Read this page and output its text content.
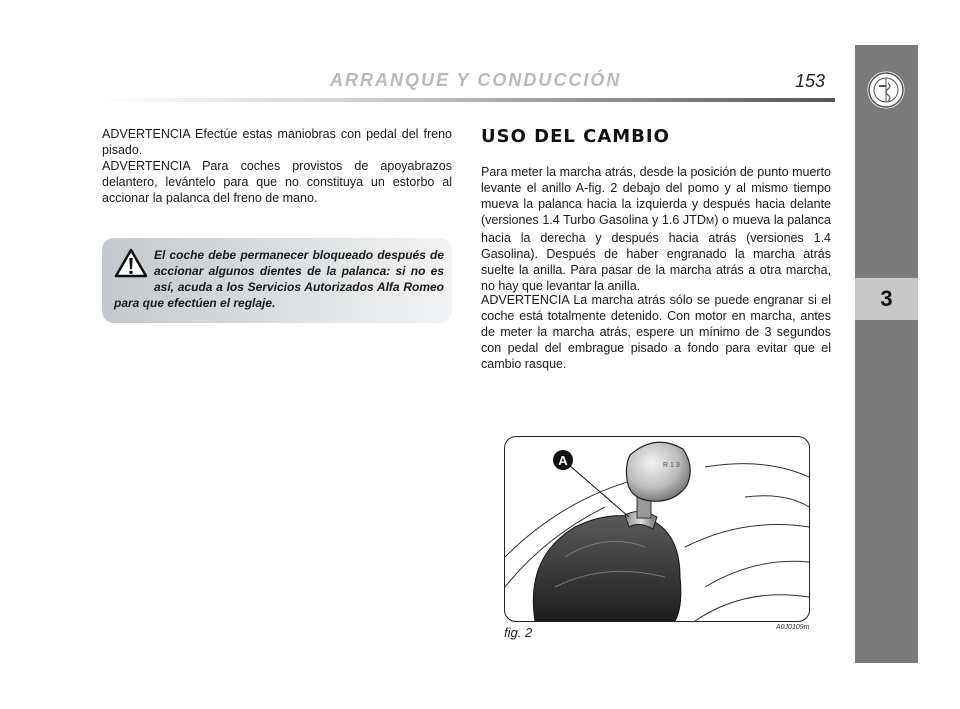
ARRANQUE Y CONDUCCIÓN	153
3

ADVERTENCIA Efectúe estas maniobras con pedal del freno pisado.

ADVERTENCIA Para coches provistos de apoyabrazos delantero, levántelo para que no constituya un estorbo al accionar la palanca del freno de mano.

El coche debe permanecer bloqueado después de accionar algunos dientes de la palanca: si no es así, acuda a los Servicios Autorizados Alfa Romeo para que efectúen el reglaje.

USO DEL CAMBIO

Para meter la marcha atrás, desde la posición de punto muerto levante el anillo A-fig. 2 debajo del pomo y al mismo tiempo mueva la palanca hacia la izquierda y después hacia delante (versiones 1.4 Turbo Gasolina y 1.6 JTDM) o mueva la palanca hacia la derecha y después hacia atrás (versiones 1.4 Gasolina). Después de haber engranado la marcha atrás suelte la anilla. Para pasar de la marcha atrás a otra marcha, no hay que levantar la anilla.

ADVERTENCIA La marcha atrás sólo se puede engranar si el coche está totalmente detenido. Con motor en marcha, antes de meter la marcha atrás, espere un mínimo de 3 segundos con pedal del embrague pisado a fondo para evitar que el cambio rasque.

R 1 3
A
fig. 2	A0J0109m
